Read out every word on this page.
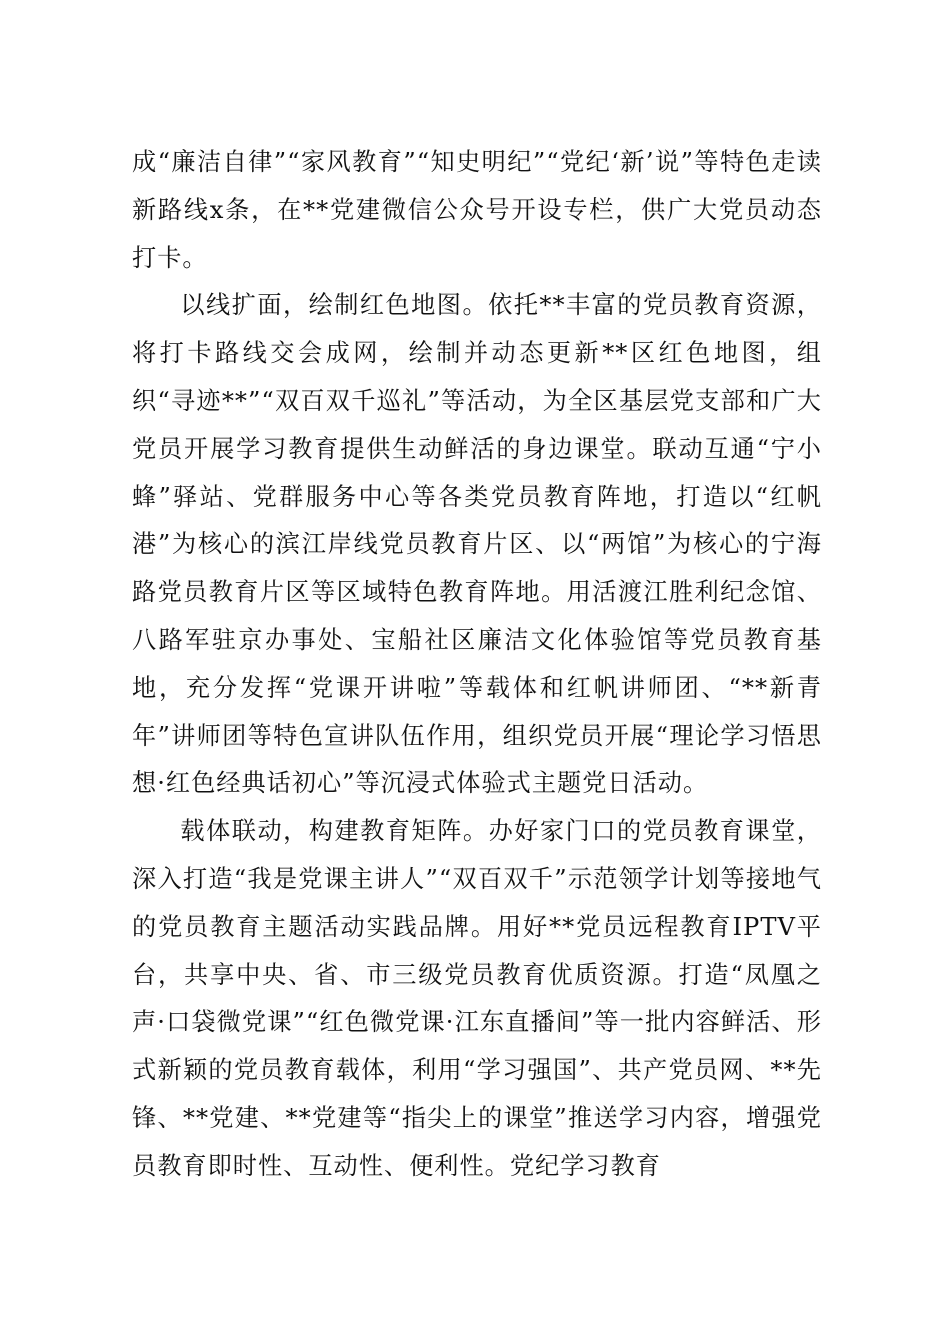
成“廉洁自律”“家风教育”“知史明纪”“党纪‘新’说”等特色走读新路线x条，在**党建微信公众号开设专栏，供广大党员动态打卡。

以线扩面，绘制红色地图。依托**丰富的党员教育资源，将打卡路线交会成网，绘制并动态更新**区红色地图，组织“寻迹**”“双百双千巡礼”等活动，为全区基层党支部和广大党员开展学习教育提供生动鲜活的身边课堂。联动互通“宁小蜂”驿站、党群服务中心等各类党员教育阵地，打造以“红帆港”为核心的滨江岸线党员教育片区、以“两馆”为核心的宁海路党员教育片区等区域特色教育阵地。用活渡江胜利纪念馆、八路军驻京办事处、宝船社区廉洁文化体验馆等党员教育基地，充分发挥“党课开讲啦”等载体和红帆讲师团、“**新青年”讲师团等特色宣讲队伍作用，组织党员开展“理论学习悟思想·红色经典话初心”等沉浸式体验式主题党日活动。

载体联动，构建教育矩阵。办好家门口的党员教育课堂，深入打造“我是党课主讲人”“双百双千”示范领学计划等接地气的党员教育主题活动实践品牌。用好**党员远程教育IPTV平台，共享中央、省、市三级党员教育优质资源。打造“凤凰之声·口袋微党课”“红色微党课·江东直播间”等一批内容鲜活、形式新颖的党员教育载体，利用“学习强国”、共产党员网、**先锋、**党建、**党建等“指尖上的课堂”推送学习内容，增强党员教育即时性、互动性、便利性。党纪学习教育
